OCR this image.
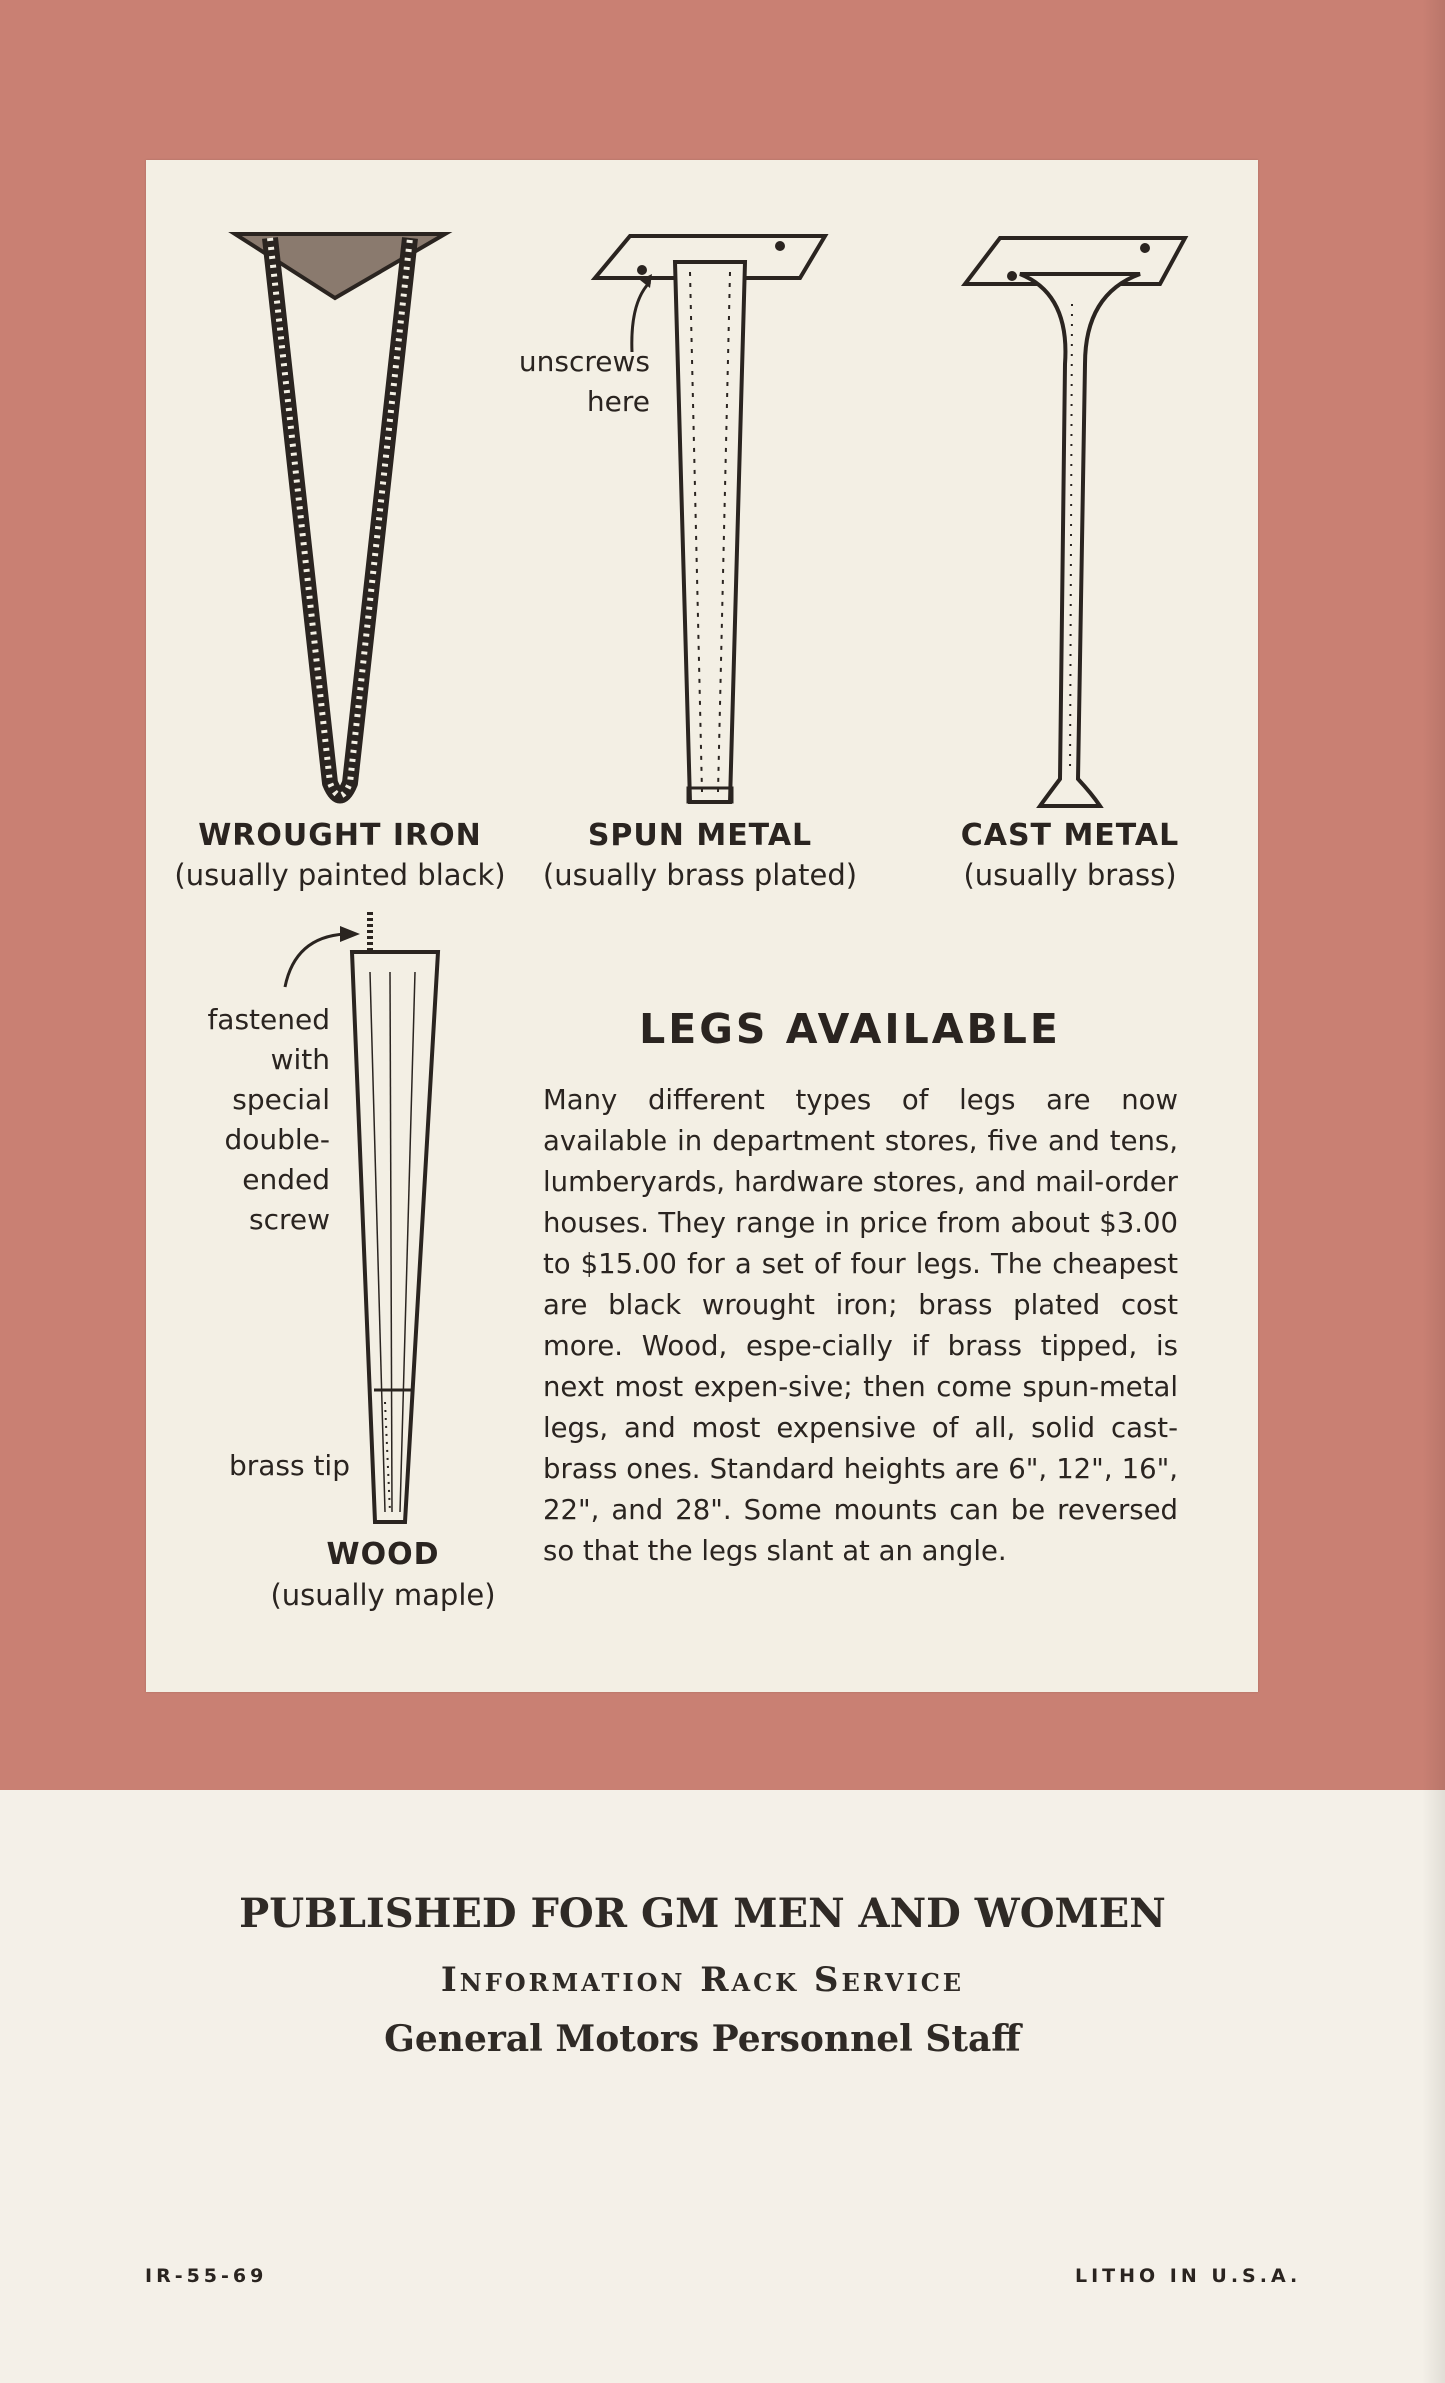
WROUGHT IRON
(usually painted black)
SPUN METAL
(usually brass plated)
CAST METAL
(usually brass)
WOOD
(usually maple)
unscrews
here
fastened
with
special
double-
ended
screw
brass tip
LEGS AVAILABLE
Many different types of legs are now available in department stores, five and tens, lumberyards, hardware stores, and mail-order houses. They range in price from about $3.00 to $15.00 for a set of four legs. The cheapest are black wrought iron; brass plated cost more. Wood, espe-cially if brass tipped, is next most expen-sive; then come spun-metal legs, and most expensive of all, solid cast-brass ones. Standard heights are 6", 12", 16", 22", and 28". Some mounts can be reversed so that the legs slant at an angle.
PUBLISHED FOR GM MEN AND WOMEN
Information Rack Service
General Motors Personnel Staff
IR-55-69	LITHO IN U.S.A.
